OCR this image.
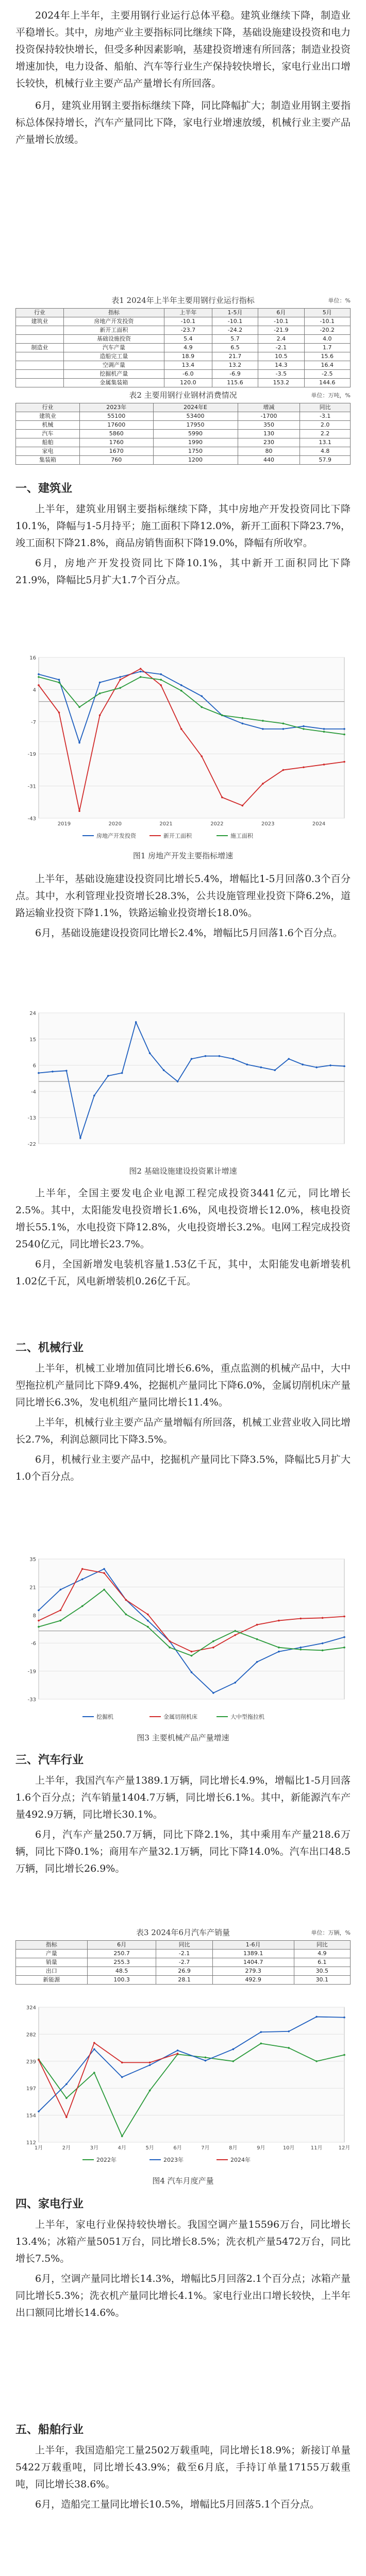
2024年上半年，主要用钢行业运行总体平稳。建筑业继续下降，制造业平稳增长。其中，房地产业主要指标同比继续下降，基础设施建设投资和电力投资保持较快增长，但受多种因素影响，基建投资增速有所回落；制造业投资增速加快，电力设备、船舶、汽车等行业生产保持较快增长，家电行业出口增长较快，机械行业主要产品产量增长有所回落。

6月，建筑业用钢主要指标继续下降，同比降幅扩大；制造业用钢主要指标总体保持增长，汽车产量同比下降，家电行业增速放缓，机械行业主要产品产量增长放缓。

表1 2024年上半年主要用钢行业运行指标	单位：%
行业	指标	上半年	1-5月	6月	5月
建筑业	房地产开发投资	-10.1	-10.1	-10.1	-10.1
	新开工面积	-23.7	-24.2	-21.9	-20.2
	基础设施投资	5.4	5.7	2.4	4.0
制造业	汽车产量	4.9	6.5	-2.1	1.7
	造船完工量	18.9	21.7	10.5	15.6
	空调产量	13.4	13.2	14.3	16.4
	挖掘机产量	-6.0	-6.9	-3.5	-2.5
	金属集装箱	120.0	115.6	153.2	144.6
表2 主要用钢行业钢材消费情况	单位：万吨，%
行业	2023年	2024年E	增减	同比
建筑业	55100	53400	-1700	-3.1
机械	17600	17950	350	2.0
汽车	5860	5990	130	2.2
船舶	1760	1990	230	13.1
家电	1670	1750	80	4.8
集装箱	760	1200	440	57.9

一、建筑业

上半年，建筑业用钢主要指标继续下降，其中房地产开发投资同比下降10.1%，降幅与1-5月持平；施工面积下降12.0%，新开工面积下降23.7%，竣工面积下降21.8%，商品房销售面积下降19.0%，降幅有所收窄。

6月，房地产开发投资同比下降10.1%，其中新开工面积同比下降21.9%，降幅比5月扩大1.7个百分点。

-43
-31
-19
-7
4
16
2019	2020	2021	2022	2023	2024
房地产开发投资	新开工面积	施工面积
图1 房地产开发主要指标增速

上半年，基础设施建设投资同比增长5.4%，增幅比1-5月回落0.3个百分点。其中，水利管理业投资增长28.3%，公共设施管理业投资下降6.2%，道路运输业投资下降1.1%，铁路运输业投资增长18.0%。

6月，基础设施建设投资同比增长2.4%，增幅比5月回落1.6个百分点。

-22
-13
-4
6
15
24
图2 基础设施建设投资累计增速

上半年，全国主要发电企业电源工程完成投资3441亿元，同比增长2.5%。其中，太阳能发电投资增长1.6%，风电投资增长12.0%，核电投资增长55.1%，水电投资下降12.8%，火电投资增长3.2%。电网工程完成投资2540亿元，同比增长23.7%。

6月，全国新增发电装机容量1.53亿千瓦，其中，太阳能发电新增装机1.02亿千瓦，风电新增装机0.26亿千瓦。

二、机械行业

上半年，机械工业增加值同比增长6.6%，重点监测的机械产品中，大中型拖拉机产量同比下降9.4%，挖掘机产量同比下降6.0%，金属切削机床产量同比增长6.3%，发电机组产量同比增长11.4%。

上半年，机械行业主要产品产量增幅有所回落，机械工业营业收入同比增长2.7%，利润总额同比下降3.5%。

6月，机械行业主要产品中，挖掘机产量同比下降3.5%，降幅比5月扩大1.0个百分点。

-33
-19
-6
8
21
35
挖掘机	金属切削机床	大中型拖拉机
图3 主要机械产品产量增速

三、汽车行业

上半年，我国汽车产量1389.1万辆，同比增长4.9%，增幅比1-5月回落1.6个百分点；汽车销量1404.7万辆，同比增长6.1%。其中，新能源汽车产量492.9万辆，同比增长30.1%。

6月，汽车产量250.7万辆，同比下降2.1%，其中乘用车产量218.6万辆，同比下降0.1%；商用车产量32.1万辆，同比下降14.0%。汽车出口48.5万辆，同比增长26.9%。

表3 2024年6月汽车产销量	单位：万辆，%
指标	6月	同比	1-6月	同比
产量	250.7	-2.1	1389.1	4.9
销量	255.3	-2.7	1404.7	6.1
出口	48.5	26.9	279.3	30.5
新能源	100.3	28.1	492.9	30.1
112
154
197
239
282
324
1月	2月	3月	4月	5月	6月	7月	8月	9月	10月	11月	12月
2022年	2023年	2024年
图4 汽车月度产量

四、家电行业

上半年，家电行业保持较快增长。我国空调产量15596万台，同比增长13.4%；冰箱产量5051万台，同比增长8.5%；洗衣机产量5472万台，同比增长7.5%。

6月，空调产量同比增长14.3%，增幅比5月回落2.1个百分点；冰箱产量同比增长5.3%；洗衣机产量同比增长4.1%。家电行业出口增长较快，上半年出口额同比增长14.6%。

五、船舶行业

上半年，我国造船完工量2502万载重吨，同比增长18.9%；新接订单量5422万载重吨，同比增长43.9%；截至6月底，手持订单量17155万载重吨，同比增长38.6%。

6月，造船完工量同比增长10.5%，增幅比5月回落5.1个百分点。
